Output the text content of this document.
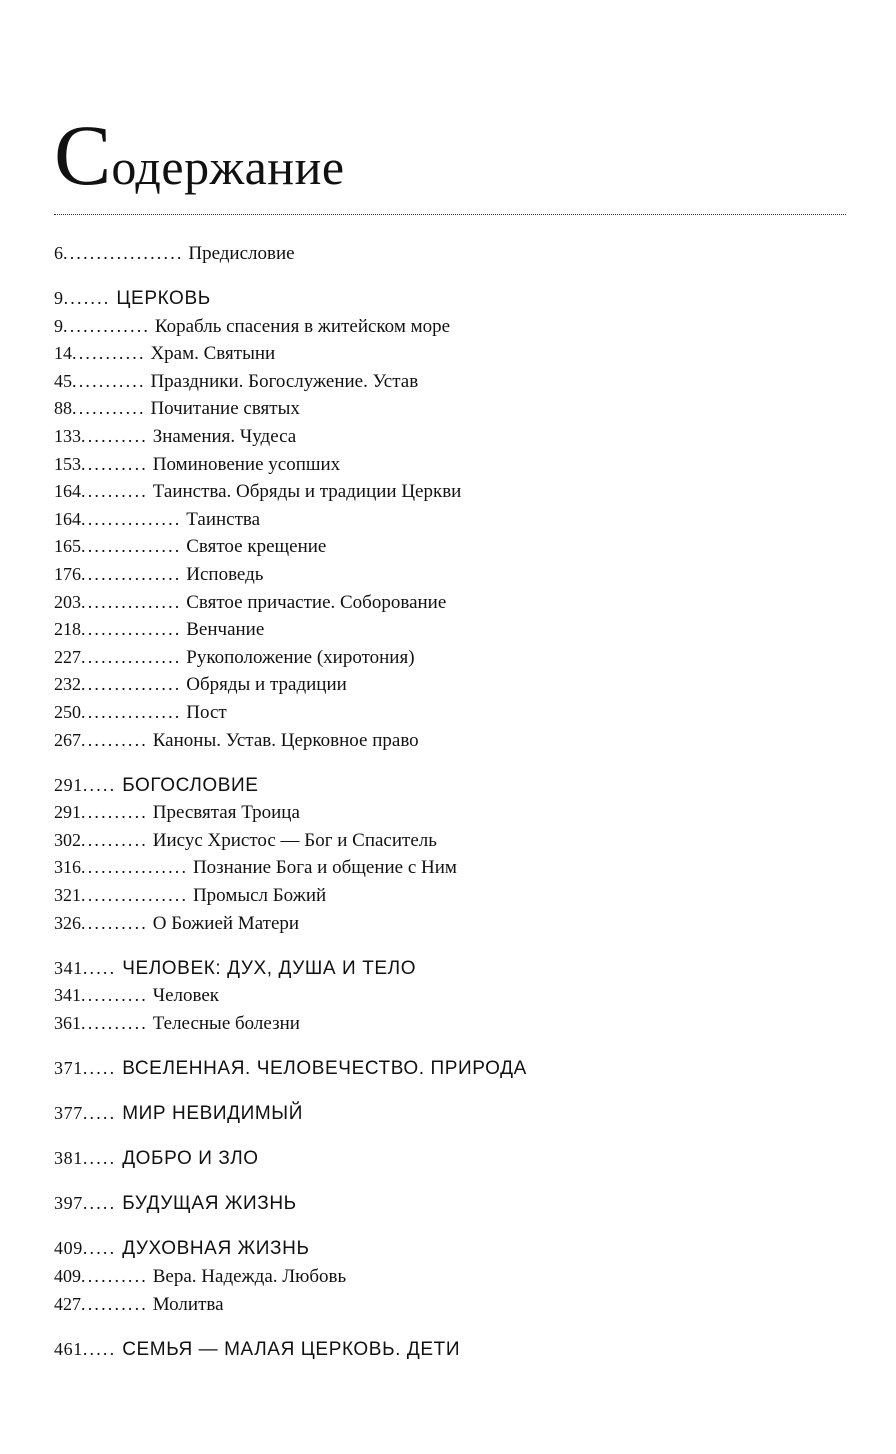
Содержание
6.................. Предисловие
9....... ЦЕРКОВЬ
9............. Корабль спасения в житейском море
14........... Храм. Святыни
45........... Праздники. Богослужение. Устав
88........... Почитание святых
133.......... Знамения. Чудеса
153.......... Поминовение усопших
164.......... Таинства. Обряды и традиции Церкви
164............... Таинства
165............... Святое крещение
176............... Исповедь
203............... Святое причастие. Соборование
218............... Венчание
227............... Рукоположение (хиротония)
232............... Обряды и традиции
250............... Пост
267.......... Каноны. Устав. Церковное право
291..... БОГОСЛОВИЕ
291.......... Пресвятая Троица
302.......... Иисус Христос — Бог и Спаситель
316................ Познание Бога и общение с Ним
321................ Промысл Божий
326.......... О Божией Матери
341..... ЧЕЛОВЕК: ДУХ, ДУША И ТЕЛО
341.......... Человек
361.......... Телесные болезни
371..... ВСЕЛЕННАЯ. ЧЕЛОВЕЧЕСТВО. ПРИРОДА
377..... МИР НЕВИДИМЫЙ
381..... ДОБРО И ЗЛО
397..... БУДУЩАЯ ЖИЗНЬ
409..... ДУХОВНАЯ ЖИЗНЬ
409.......... Вера. Надежда. Любовь
427.......... Молитва
461..... СЕМЬЯ — МАЛАЯ ЦЕРКОВЬ. ДЕТИ
